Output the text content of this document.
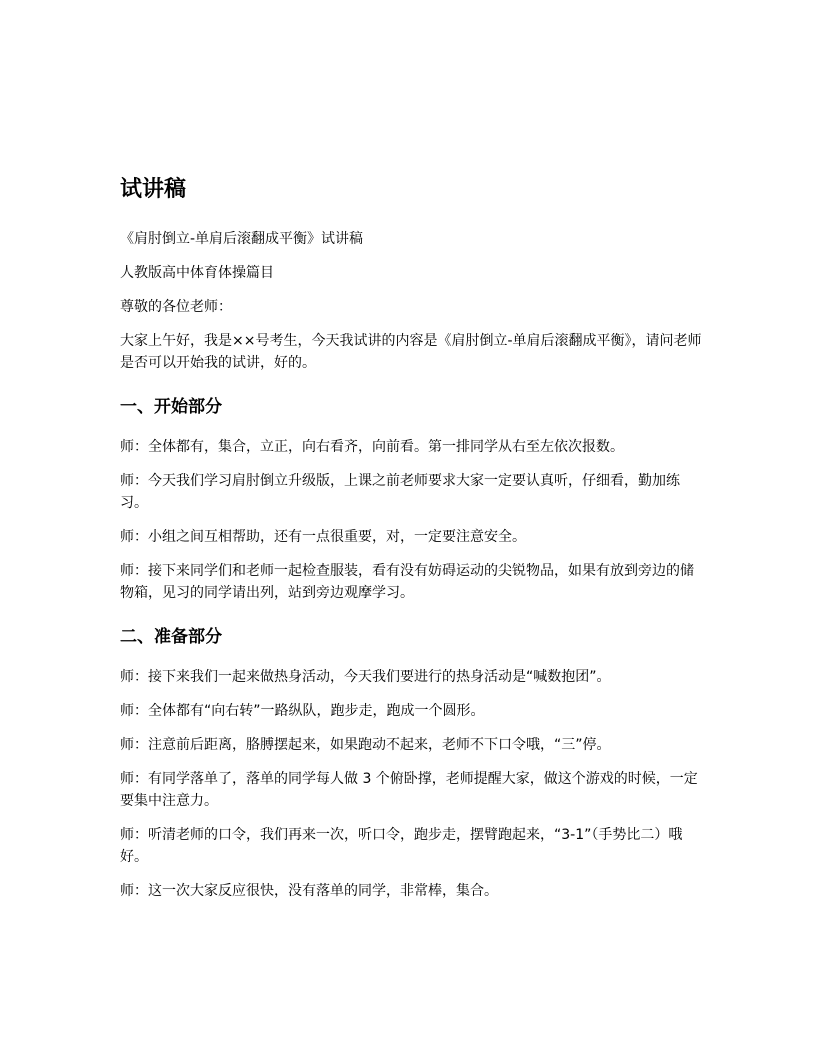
试讲稿

《肩肘倒立-单肩后滚翻成平衡》试讲稿

人教版高中体育体操篇目

尊敬的各位老师：

大家上午好，我是××号考生，今天我试讲的内容是《肩肘倒立-单肩后滚翻成平衡》，请问老师是否可以开始我的试讲，好的。

一、开始部分

师：全体都有，集合，立正，向右看齐，向前看。第一排同学从右至左依次报数。

师：今天我们学习肩肘倒立升级版，上课之前老师要求大家一定要认真听，仔细看，勤加练习。

师：小组之间互相帮助，还有一点很重要，对，一定要注意安全。

师：接下来同学们和老师一起检查服装，看有没有妨碍运动的尖锐物品，如果有放到旁边的储物箱，见习的同学请出列，站到旁边观摩学习。

二、准备部分

师：接下来我们一起来做热身活动，今天我们要进行的热身活动是“喊数抱团”。

师：全体都有“向右转”一路纵队，跑步走，跑成一个圆形。

师：注意前后距离，胳膊摆起来，如果跑动不起来，老师不下口令哦，“三”停。

师：有同学落单了，落单的同学每人做 3 个俯卧撑，老师提醒大家，做这个游戏的时候，一定要集中注意力。

师：听清老师的口令，我们再来一次，听口令，跑步走，摆臂跑起来，“3-1”（手势比二）哦好。

师：这一次大家反应很快，没有落单的同学，非常棒，集合。
